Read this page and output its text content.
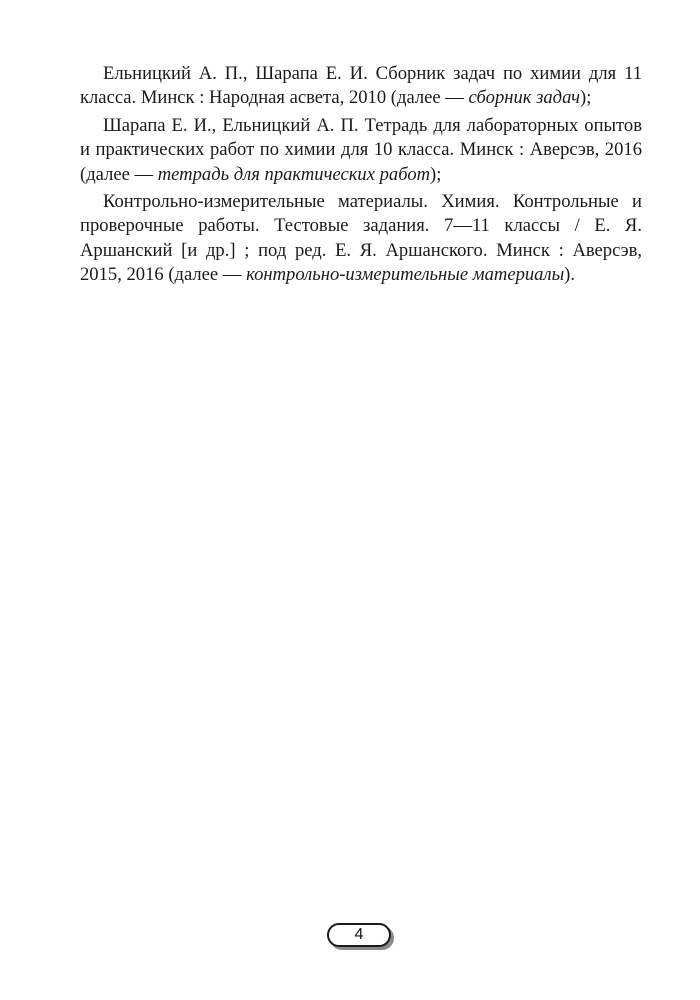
Ельницкий А. П., Шарапа Е. И. Сборник задач по химии для 11 класса. Минск : Народная асвета, 2010 (далее — сборник задач);

Шарапа Е. И., Ельницкий А. П. Тетрадь для лабораторных опытов и практических работ по химии для 10 класса. Минск : Аверсэв, 2016 (далее — тетрадь для практических работ);

Контрольно-измерительные материалы. Химия. Контрольные и проверочные работы. Тестовые задания. 7—11 классы / Е. Я. Аршанский [и др.] ; под ред. Е. Я. Аршанского. Минск : Аверсэв, 2015, 2016 (далее — контрольно-измерительные материалы).

4
